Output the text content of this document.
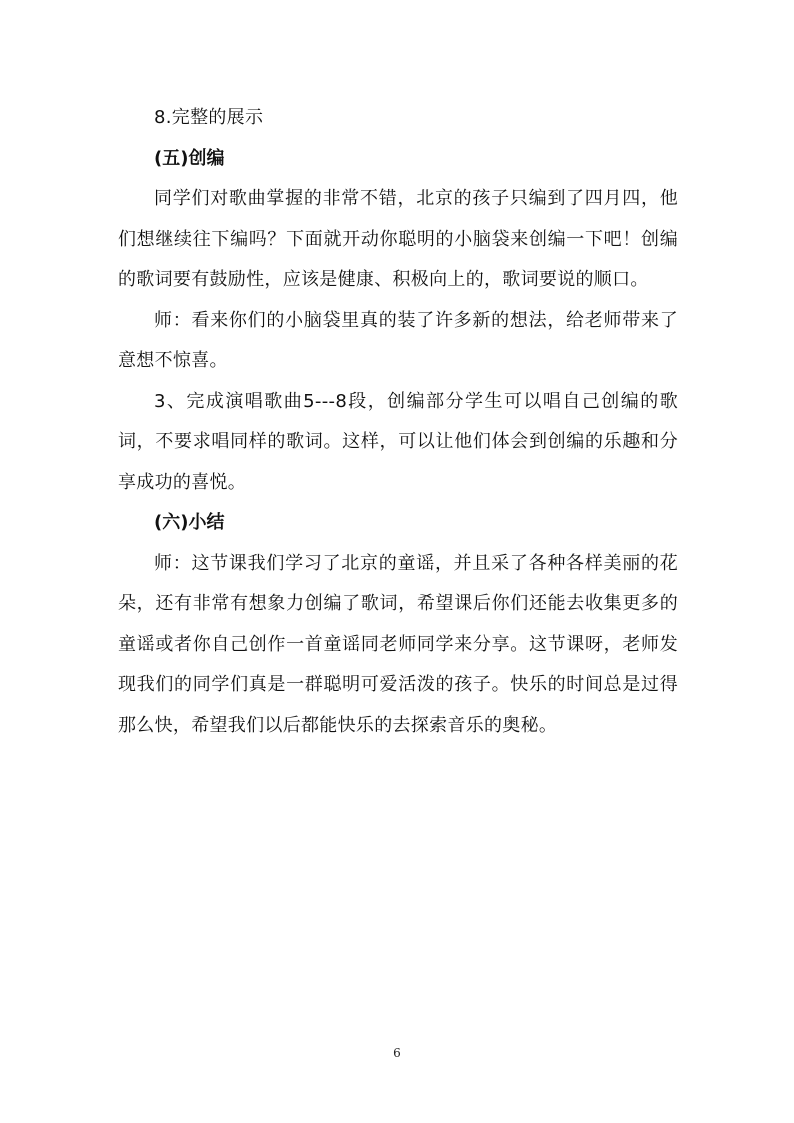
8.完整的展示

(五)创编

同学们对歌曲掌握的非常不错，北京的孩子只编到了四月四，他们想继续往下编吗？下面就开动你聪明的小脑袋来创编一下吧！创编的歌词要有鼓励性，应该是健康、积极向上的，歌词要说的顺口。

师：看来你们的小脑袋里真的装了许多新的想法，给老师带来了意想不惊喜。

3、完成演唱歌曲5---8段，创编部分学生可以唱自己创编的歌词，不要求唱同样的歌词。这样，可以让他们体会到创编的乐趣和分享成功的喜悦。

(六)小结

师：这节课我们学习了北京的童谣，并且采了各种各样美丽的花朵，还有非常有想象力创编了歌词，希望课后你们还能去收集更多的童谣或者你自己创作一首童谣同老师同学来分享。这节课呀，老师发现我们的同学们真是一群聪明可爱活泼的孩子。快乐的时间总是过得那么快，希望我们以后都能快乐的去探索音乐的奥秘。

6
